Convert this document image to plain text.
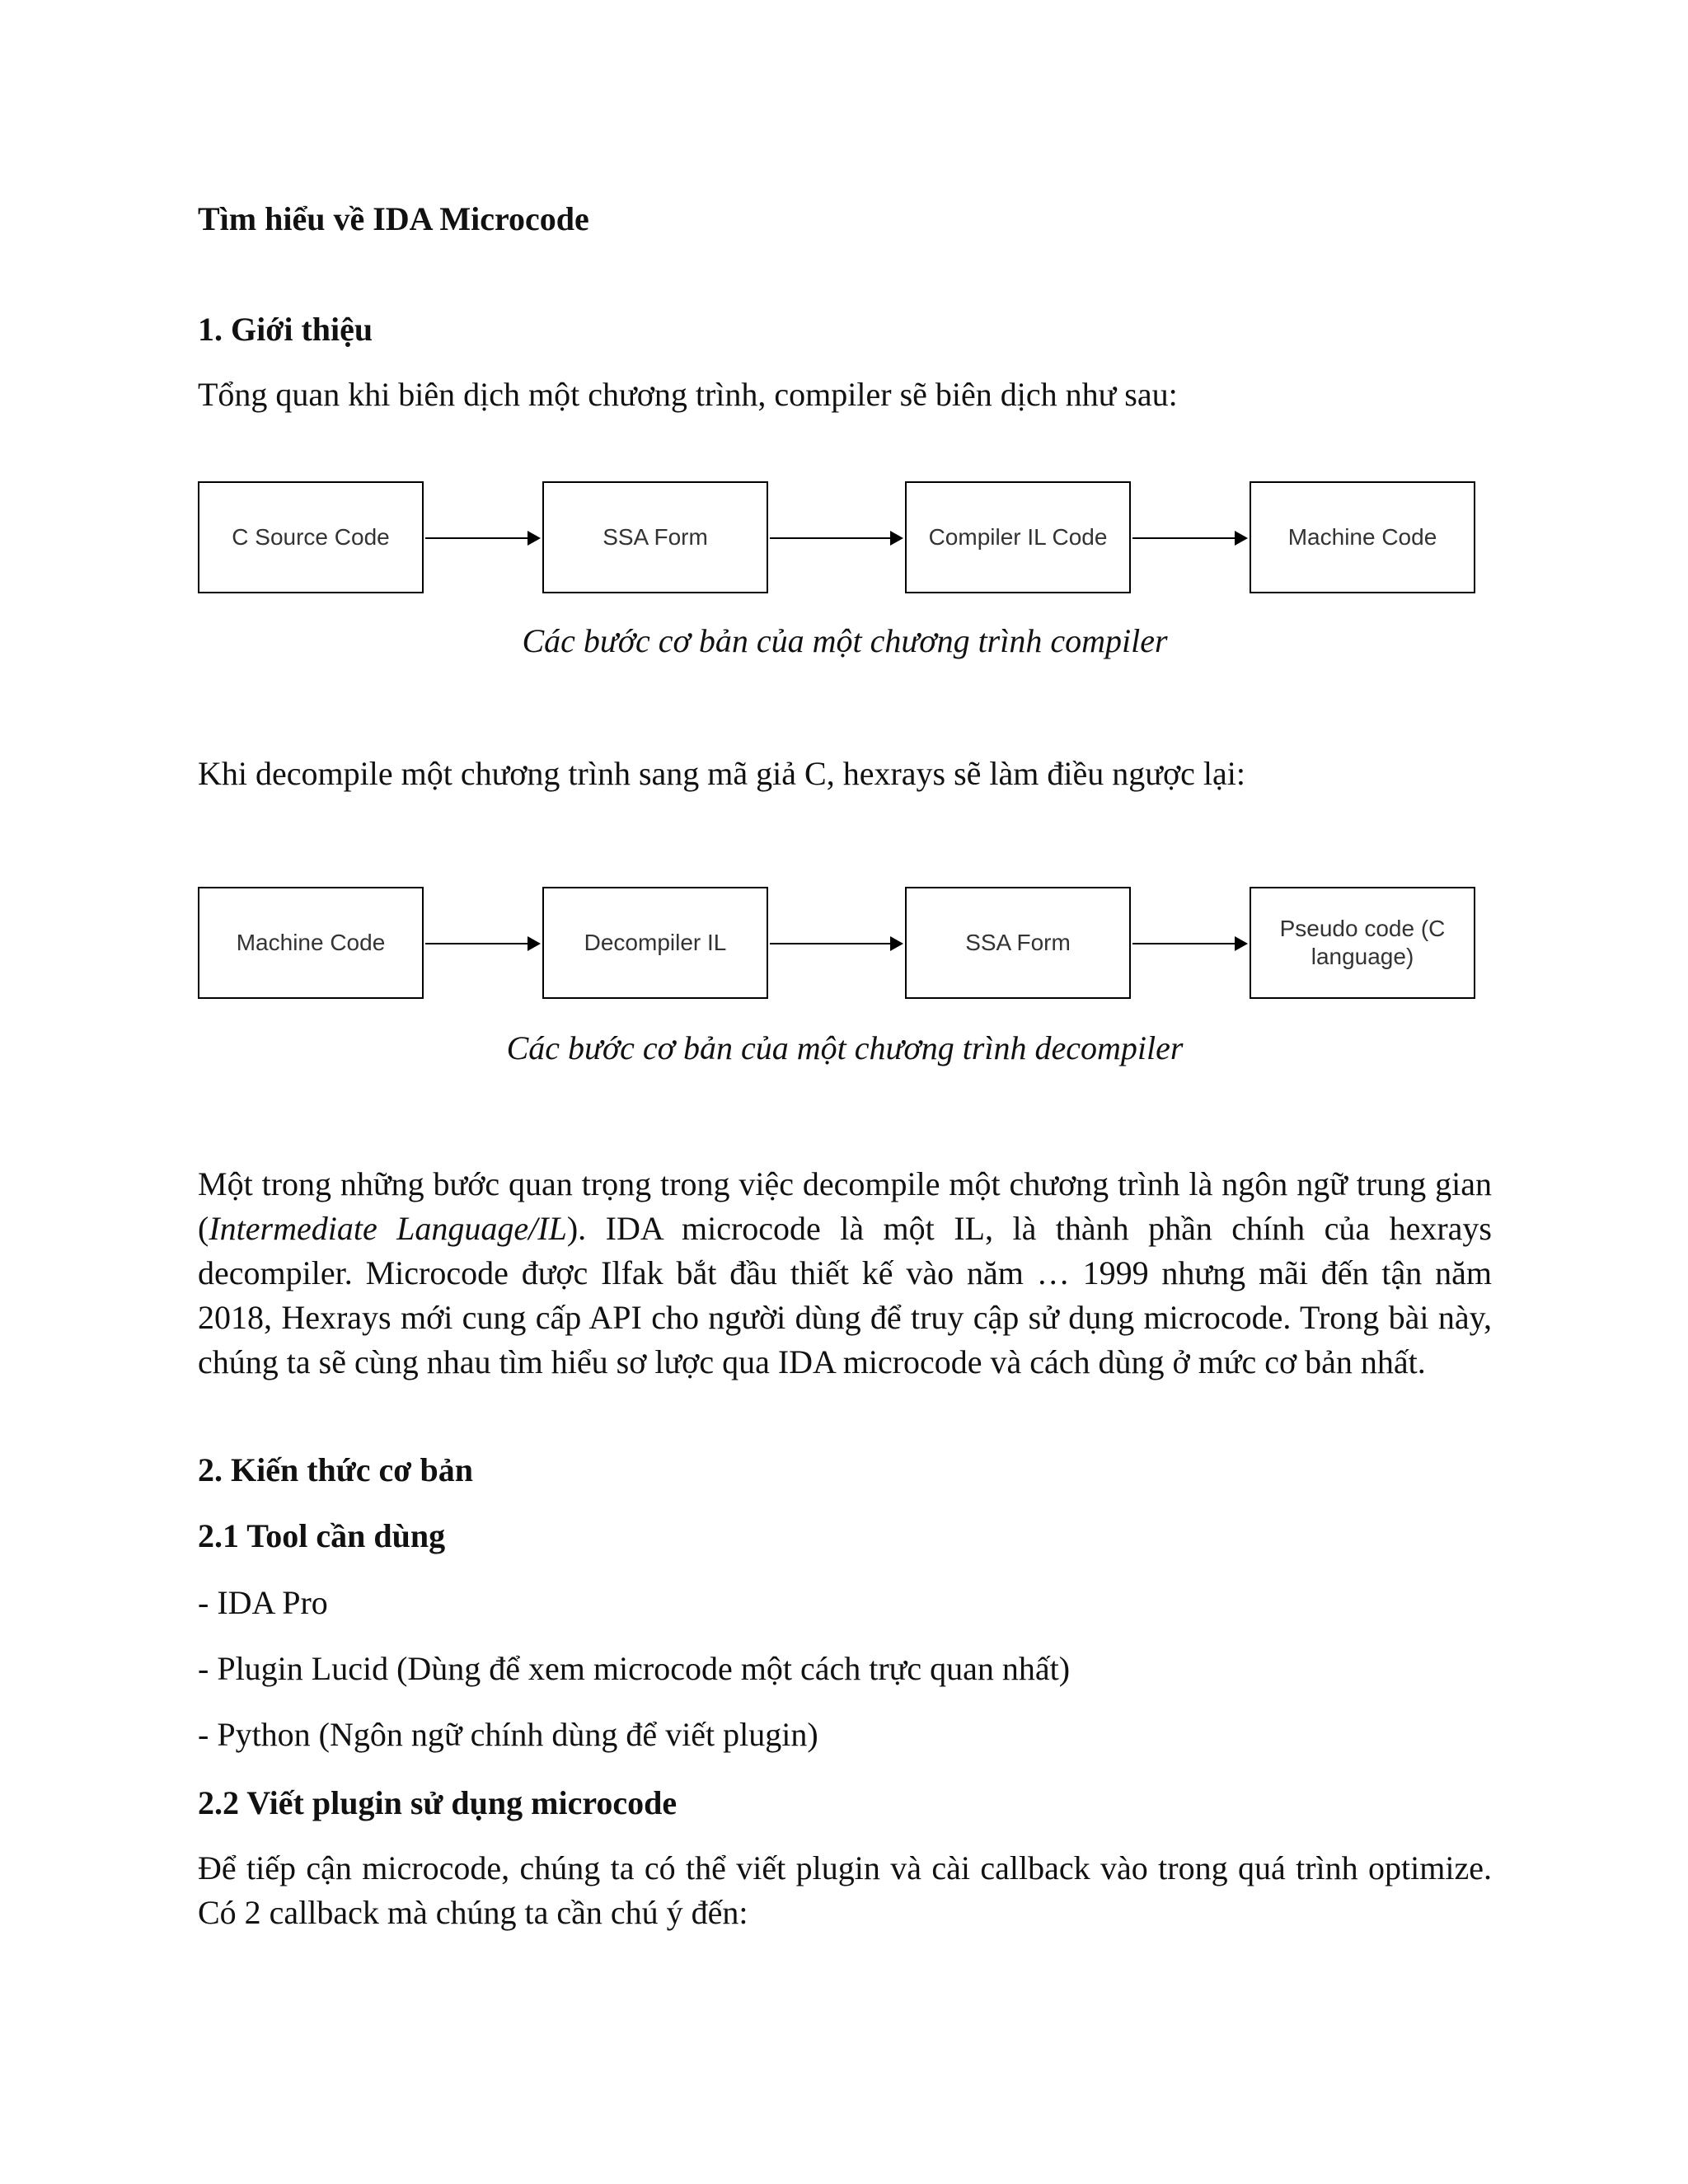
Tìm hiểu về IDA Microcode
1. Giới thiệu
Tổng quan khi biên dịch một chương trình, compiler sẽ biên dịch như sau:
C Source Code	SSA Form	Compiler IL Code	Machine Code
Các bước cơ bản của một chương trình compiler
Khi decompile một chương trình sang mã giả C, hexrays sẽ làm điều ngược lại:
Machine Code	Decompiler IL	SSA Form
Pseudo code (C language)
Các bước cơ bản của một chương trình decompiler
Một trong những bước quan trọng trong việc decompile một chương trình là ngôn ngữ trung gian (Intermediate Language/IL). IDA microcode là một IL, là thành phần chính của hexrays decompiler. Microcode được Ilfak bắt đầu thiết kế vào năm … 1999 nhưng mãi đến tận năm 2018, Hexrays mới cung cấp API cho người dùng để truy cập sử dụng microcode. Trong bài này, chúng ta sẽ cùng nhau tìm hiểu sơ lược qua IDA microcode và cách dùng ở mức cơ bản nhất.
2. Kiến thức cơ bản
2.1 Tool cần dùng
- IDA Pro
- Plugin Lucid (Dùng để xem microcode một cách trực quan nhất)
- Python (Ngôn ngữ chính dùng để viết plugin)
2.2 Viết plugin sử dụng microcode
Để tiếp cận microcode, chúng ta có thể viết plugin và cài callback vào trong quá trình optimize. Có 2 callback mà chúng ta cần chú ý đến:
